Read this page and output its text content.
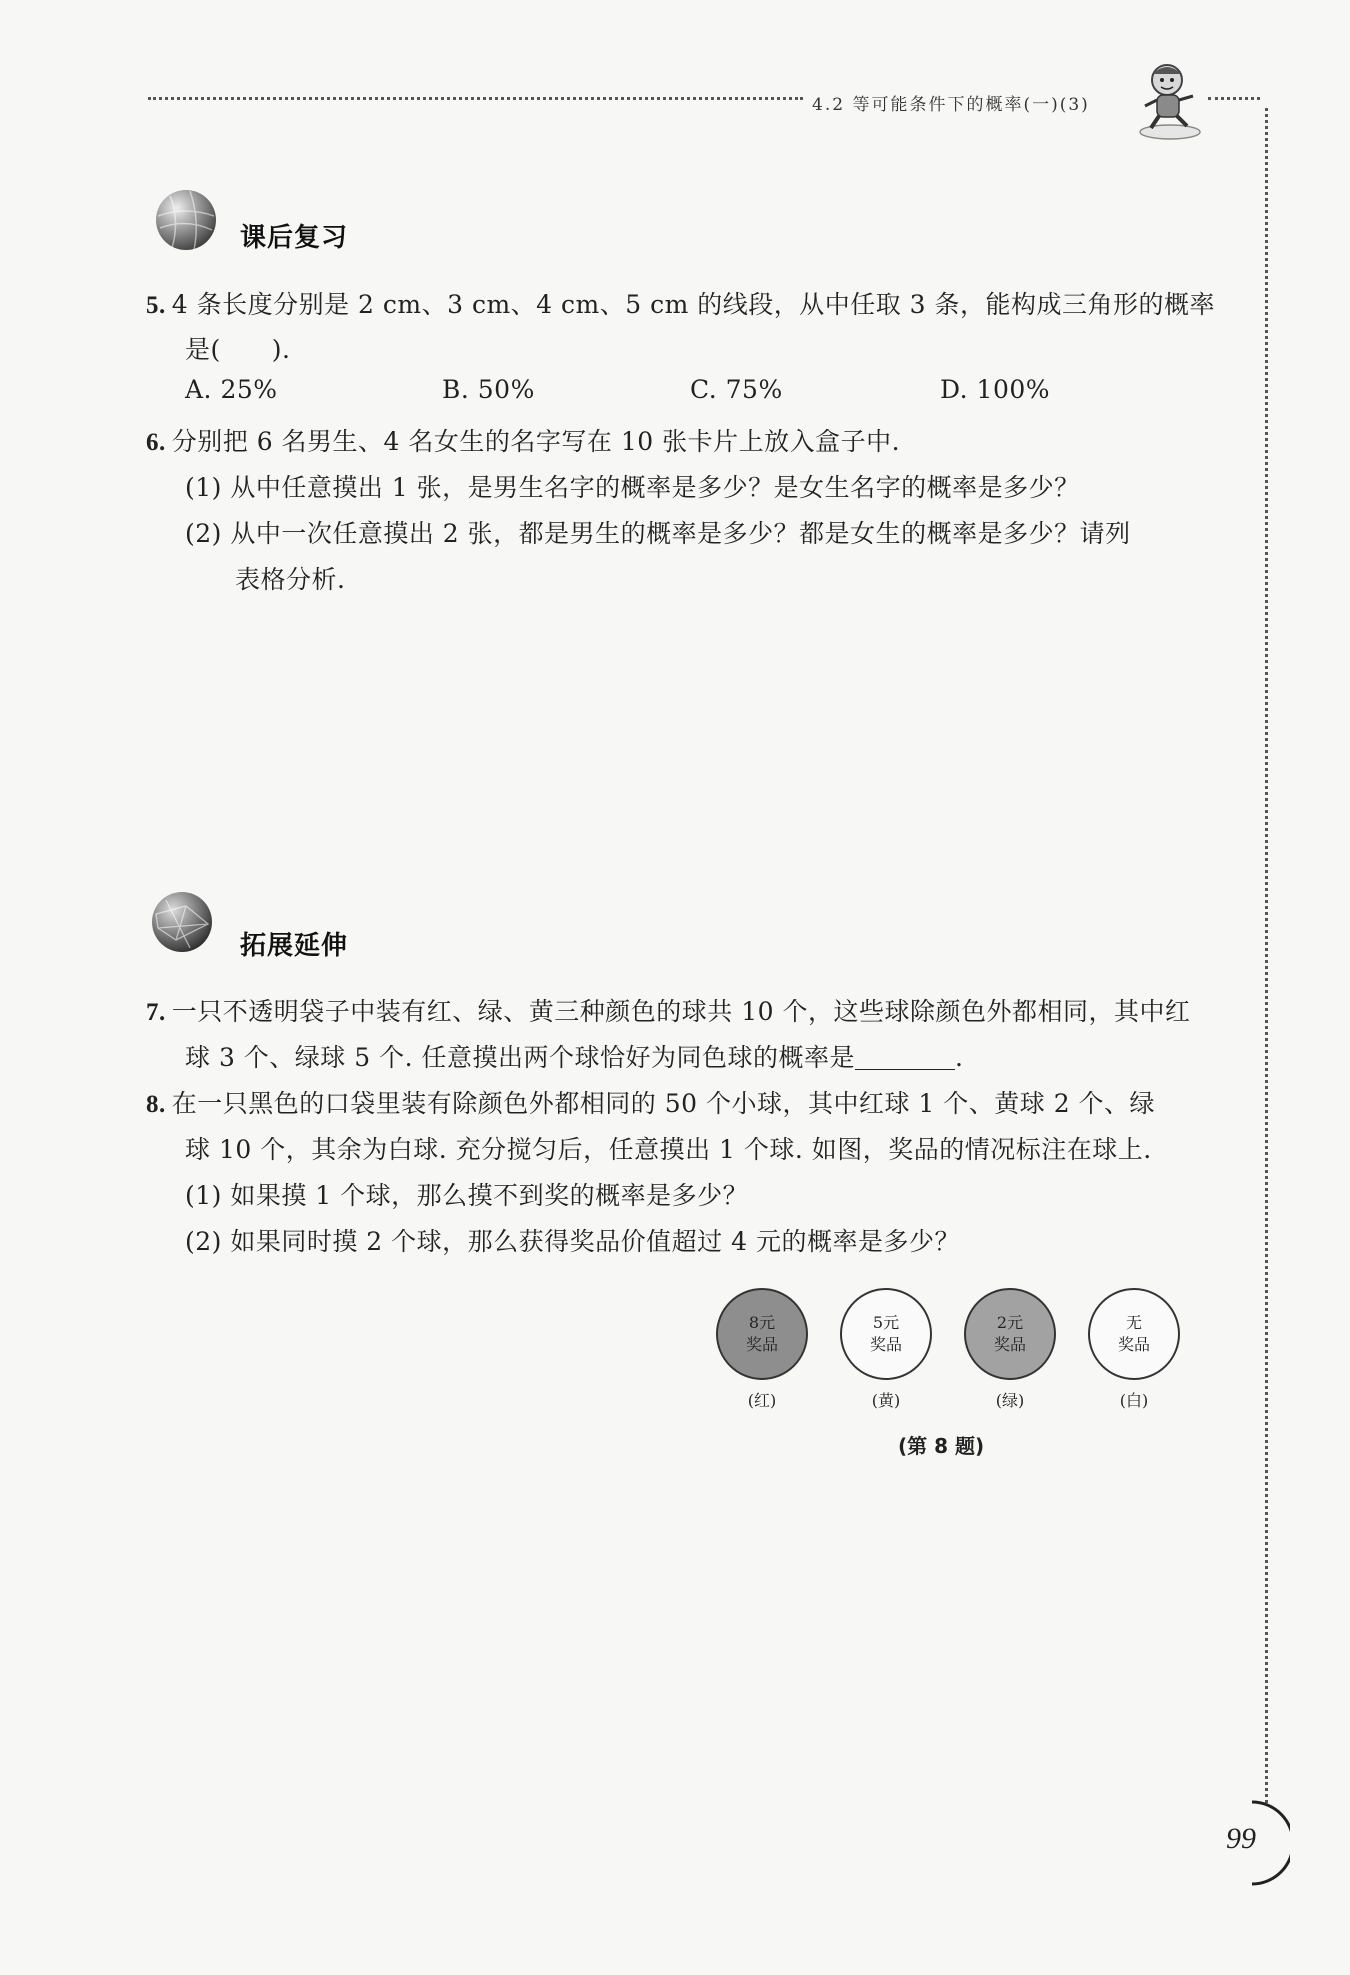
4.2 等可能条件下的概率(一)(3)
99
课后复习
5. 4 条长度分别是 2 cm、3 cm、4 cm、5 cm 的线段，从中任取 3 条，能构成三角形的概率
是(　　).
A. 25%	B. 50%	C. 75%	D. 100%
6. 分别把 6 名男生、4 名女生的名字写在 10 张卡片上放入盒子中.
(1) 从中任意摸出 1 张，是男生名字的概率是多少？是女生名字的概率是多少？
(2) 从中一次任意摸出 2 张，都是男生的概率是多少？都是女生的概率是多少？请列
表格分析.
拓展延伸
7. 一只不透明袋子中装有红、绿、黄三种颜色的球共 10 个，这些球除颜色外都相同，其中红
球 3 个、绿球 5 个. 任意摸出两个球恰好为同色球的概率是	.
8. 在一只黑色的口袋里装有除颜色外都相同的 50 个小球，其中红球 1 个、黄球 2 个、绿
球 10 个，其余为白球. 充分搅匀后，任意摸出 1 个球. 如图，奖品的情况标注在球上.
(1) 如果摸 1 个球，那么摸不到奖的概率是多少？
(2) 如果同时摸 2 个球，那么获得奖品价值超过 4 元的概率是多少？
8元
奖品
5元
奖品
2元
奖品
无
奖品
(红)	(黄)	(绿)	(白)
(第 8 题)
